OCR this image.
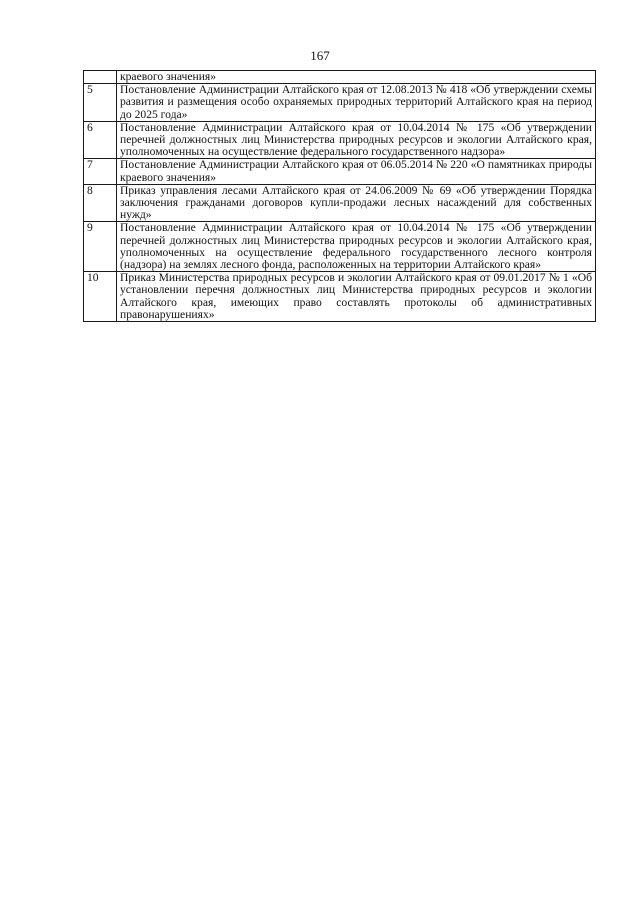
167
	краевого значения»
5	Постановление Администрации Алтайского края от 12.08.2013 № 418 «Об утверждении схемы развития и размещения особо охраняемых природных территорий Алтайского края на период до 2025 года»
6	Постановление Администрации Алтайского края от 10.04.2014 № 175 «Об утверждении перечней должностных лиц Министерства природных ресурсов и экологии Алтайского края, уполномоченных на осуществление федерального государственного надзора»
7	Постановление Администрации Алтайского края от 06.05.2014 № 220 «О памятниках природы краевого значения»
8	Приказ управления лесами Алтайского края от 24.06.2009 № 69 «Об утверждении Порядка заключения гражданами договоров купли-продажи лесных насаждений для собственных нужд»
9	Постановление Администрации Алтайского края от 10.04.2014 № 175 «Об утверждении перечней должностных лиц Министерства природных ресурсов и экологии Алтайского края, уполномоченных на осуществление федерального государственного лесного контроля (надзора) на землях лесного фонда, расположенных на территории Алтайского края»
10	Приказ Министерства природных ресурсов и экологии Алтайского края от 09.01.2017 № 1 «Об установлении перечня должностных лиц Министерства природных ресурсов и экологии Алтайского края, имеющих право составлять протоколы об административных правонарушениях»
